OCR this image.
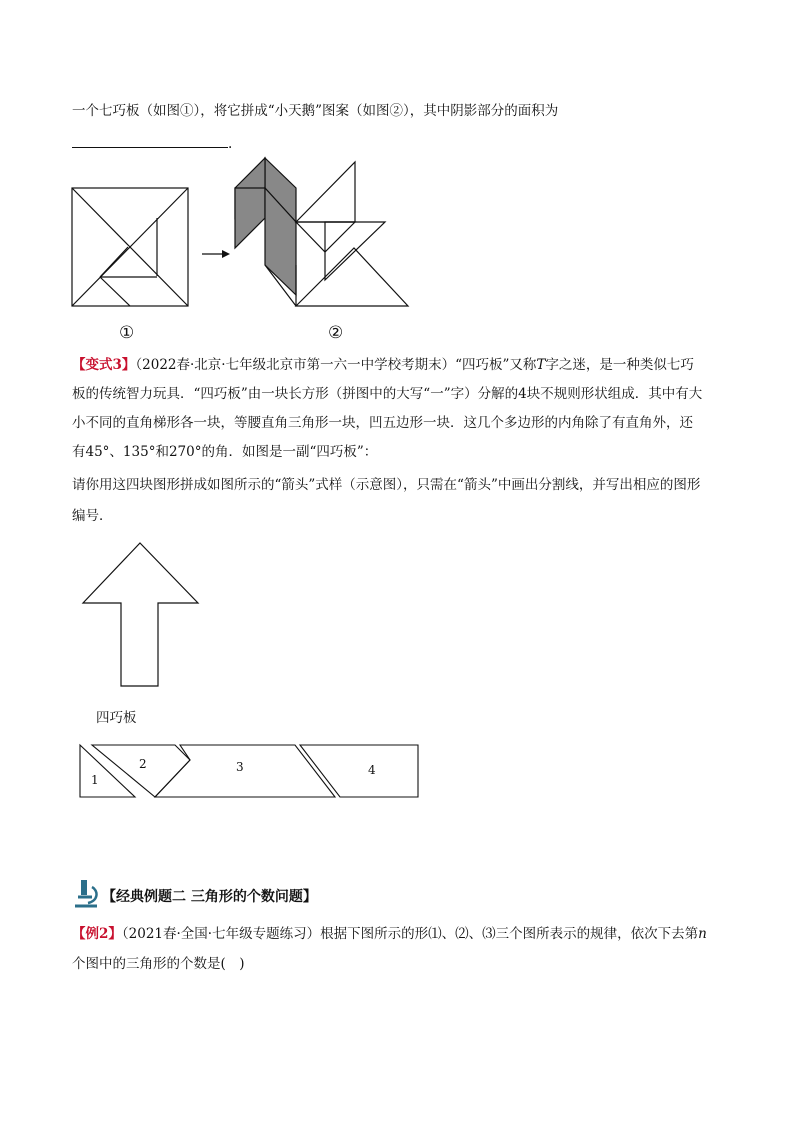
一个七巧板（如图①），将它拼成“小天鹅”图案（如图②），其中阴影部分的面积为
.
①	②
【变式3】（2022春·北京·七年级北京市第一六一中学校考期末）“四巧板”又称T字之迷，是一种类似七巧
板的传统智力玩具．“四巧板”由一块长方形（拼图中的大写“一”字）分解的4块不规则形状组成．其中有大
小不同的直角梯形各一块，等腰直角三角形一块，凹五边形一块．这几个多边形的内角除了有直角外，还
有45°、135°和270°的角．如图是一副“四巧板”：
请你用这四块图形拼成如图所示的“箭头”式样（示意图），只需在“箭头”中画出分割线，并写出相应的图形
编号．
四巧板
1
2	3	4
【经典例题二 三角形的个数问题】
【例2】（2021春·全国·七年级专题练习）根据下图所示的形⑴、⑵、⑶三个图所表示的规律，依次下去第n
个图中的三角形的个数是(　)
